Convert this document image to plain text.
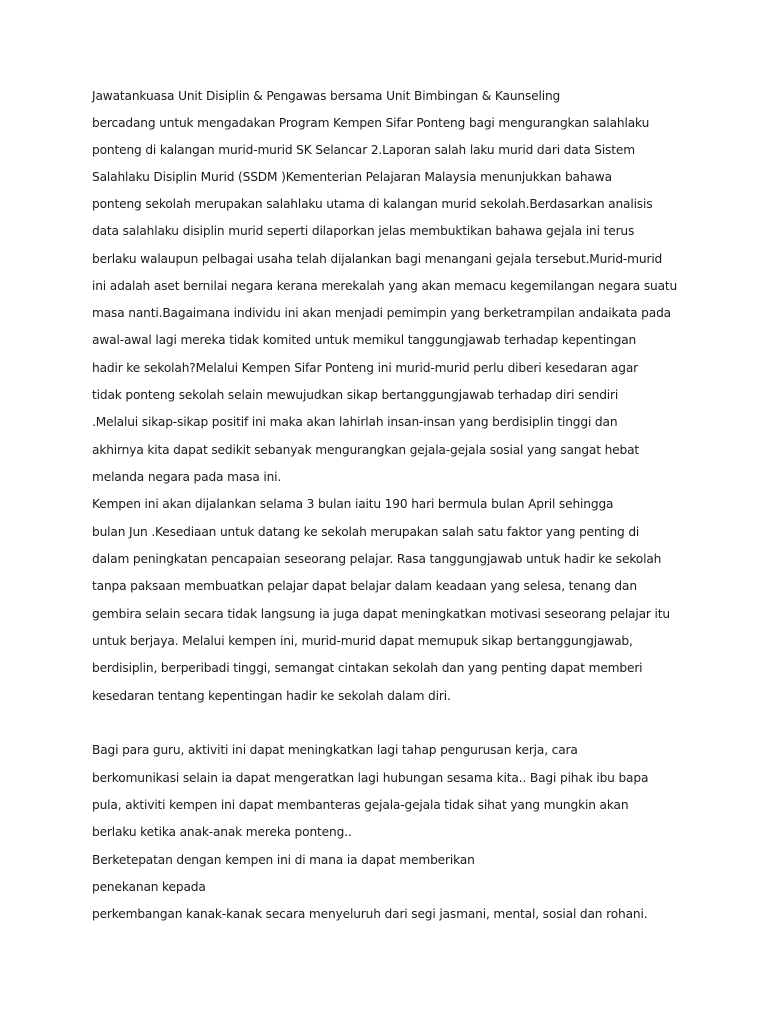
Jawatankuasa Unit Disiplin & Pengawas bersama Unit Bimbingan & Kaunseling
bercadang untuk mengadakan Program Kempen Sifar Ponteng bagi mengurangkan salahlaku
ponteng di kalangan murid-murid SK Selancar 2.Laporan salah laku murid dari data Sistem
Salahlaku Disiplin Murid (SSDM )Kementerian Pelajaran Malaysia menunjukkan bahawa
ponteng sekolah merupakan salahlaku utama di kalangan murid sekolah.Berdasarkan analisis
data salahlaku disiplin murid seperti dilaporkan jelas membuktikan bahawa gejala ini terus
berlaku walaupun pelbagai usaha telah dijalankan bagi menangani gejala tersebut.Murid-murid
ini adalah aset bernilai negara kerana merekalah yang akan memacu kegemilangan negara suatu
masa nanti.Bagaimana individu ini akan menjadi pemimpin yang berketrampilan andaikata pada
awal-awal lagi mereka tidak komited untuk memikul tanggungjawab terhadap kepentingan
hadir ke sekolah?Melalui Kempen Sifar Ponteng ini murid-murid perlu diberi kesedaran agar
tidak ponteng sekolah selain mewujudkan sikap bertanggungjawab terhadap diri sendiri
.Melalui sikap-sikap positif ini maka akan lahirlah insan-insan yang berdisiplin tinggi dan
akhirnya kita dapat sedikit sebanyak mengurangkan gejala-gejala sosial yang sangat hebat
melanda negara pada masa ini.
Kempen ini akan dijalankan selama 3 bulan iaitu 190 hari bermula bulan April sehingga
bulan Jun .Kesediaan untuk datang ke sekolah merupakan salah satu faktor yang penting di
dalam peningkatan pencapaian seseorang pelajar. Rasa tanggungjawab untuk hadir ke sekolah
tanpa paksaan membuatkan pelajar dapat belajar dalam keadaan yang selesa, tenang dan
gembira selain secara tidak langsung ia juga dapat meningkatkan motivasi seseorang pelajar itu
untuk berjaya. Melalui kempen ini, murid-murid dapat memupuk sikap bertanggungjawab,
berdisiplin, berperibadi tinggi, semangat cintakan sekolah dan yang penting dapat memberi
kesedaran tentang kepentingan hadir ke sekolah dalam diri.
Bagi para guru, aktiviti ini dapat meningkatkan lagi tahap pengurusan kerja, cara
berkomunikasi selain ia dapat mengeratkan lagi hubungan sesama kita.. Bagi pihak ibu bapa
pula, aktiviti kempen ini dapat membanteras gejala-gejala tidak sihat yang mungkin akan
berlaku ketika anak-anak mereka ponteng..
Berketepatan dengan kempen ini di mana ia dapat memberikan
penekanan kepada
perkembangan kanak-kanak secara menyeluruh dari segi jasmani, mental, sosial dan rohani.
